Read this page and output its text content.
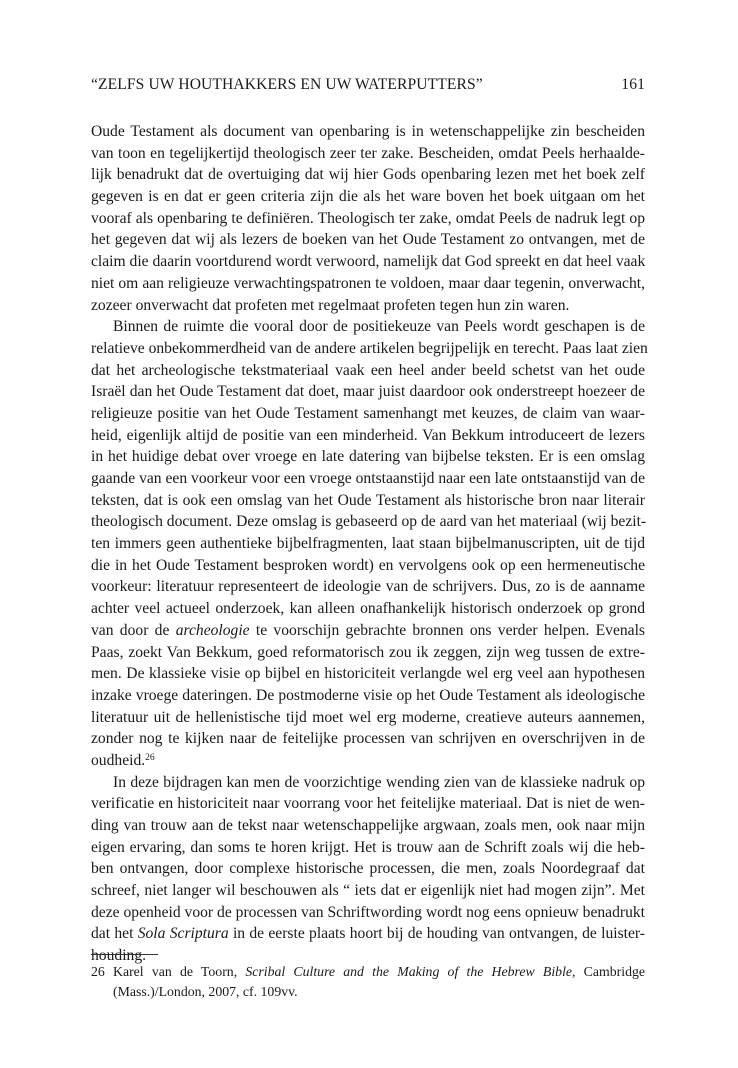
“ZELFS UW HOUTHAKKERS EN UW WATERPUTTERS”	161
Oude Testament als document van openbaring is in wetenschappelijke zin bescheiden
van toon en tegelijkertijd theologisch zeer ter zake. Bescheiden, omdat Peels herhaalde-
lijk benadrukt dat de overtuiging dat wij hier Gods openbaring lezen met het boek zelf
gegeven is en dat er geen criteria zijn die als het ware boven het boek uitgaan om het
vooraf als openbaring te definiëren. Theologisch ter zake, omdat Peels de nadruk legt op
het gegeven dat wij als lezers de boeken van het Oude Testament zo ontvangen, met de
claim die daarin voortdurend wordt verwoord, namelijk dat God spreekt en dat heel vaak
niet om aan religieuze verwachtingspatronen te voldoen, maar daar tegenin, onverwacht,
zozeer onverwacht dat profeten met regelmaat profeten tegen hun zin waren.
Binnen de ruimte die vooral door de positiekeuze van Peels wordt geschapen is de
relatieve onbekommerdheid van de andere artikelen begrijpelijk en terecht. Paas laat zien
dat het archeologische tekstmateriaal vaak een heel ander beeld schetst van het oude
Israël dan het Oude Testament dat doet, maar juist daardoor ook onderstreept hoezeer de
religieuze positie van het Oude Testament samenhangt met keuzes, de claim van waar-
heid, eigenlijk altijd de positie van een minderheid. Van Bekkum introduceert de lezers
in het huidige debat over vroege en late datering van bijbelse teksten. Er is een omslag
gaande van een voorkeur voor een vroege ontstaanstijd naar een late ontstaanstijd van de
teksten, dat is ook een omslag van het Oude Testament als historische bron naar literair
theologisch document. Deze omslag is gebaseerd op de aard van het materiaal (wij bezit-
ten immers geen authentieke bijbelfragmenten, laat staan bijbelmanuscripten, uit de tijd
die in het Oude Testament besproken wordt) en vervolgens ook op een hermeneutische
voorkeur: literatuur representeert de ideologie van de schrijvers. Dus, zo is de aanname
achter veel actueel onderzoek, kan alleen onafhankelijk historisch onderzoek op grond
van door de archeologie te voorschijn gebrachte bronnen ons verder helpen. Evenals
Paas, zoekt Van Bekkum, goed reformatorisch zou ik zeggen, zijn weg tussen de extre-
men. De klassieke visie op bijbel en historiciteit verlangde wel erg veel aan hypothesen
inzake vroege dateringen. De postmoderne visie op het Oude Testament als ideologische
literatuur uit de hellenistische tijd moet wel erg moderne, creatieve auteurs aannemen,
zonder nog te kijken naar de feitelijke processen van schrijven en overschrijven in de
oudheid.$^{26}$
In deze bijdragen kan men de voorzichtige wending zien van de klassieke nadruk op
verificatie en historiciteit naar voorrang voor het feitelijke materiaal. Dat is niet de wen-
ding van trouw aan de tekst naar wetenschappelijke argwaan, zoals men, ook naar mijn
eigen ervaring, dan soms te horen krijgt. Het is trouw aan de Schrift zoals wij die heb-
ben ontvangen, door complexe historische processen, die men, zoals Noordegraaf dat
schreef, niet langer wil beschouwen als “ iets dat er eigenlijk niet had mogen zijn”. Met
deze openheid voor de processen van Schriftwording wordt nog eens opnieuw benadrukt
dat het Sola Scriptura in de eerste plaats hoort bij de houding van ontvangen, de luister-
houding.
26 Karel van de Toorn, Scribal Culture and the Making of the Hebrew Bible, Cambridge
(Mass.)/London, 2007, cf. 109vv.
